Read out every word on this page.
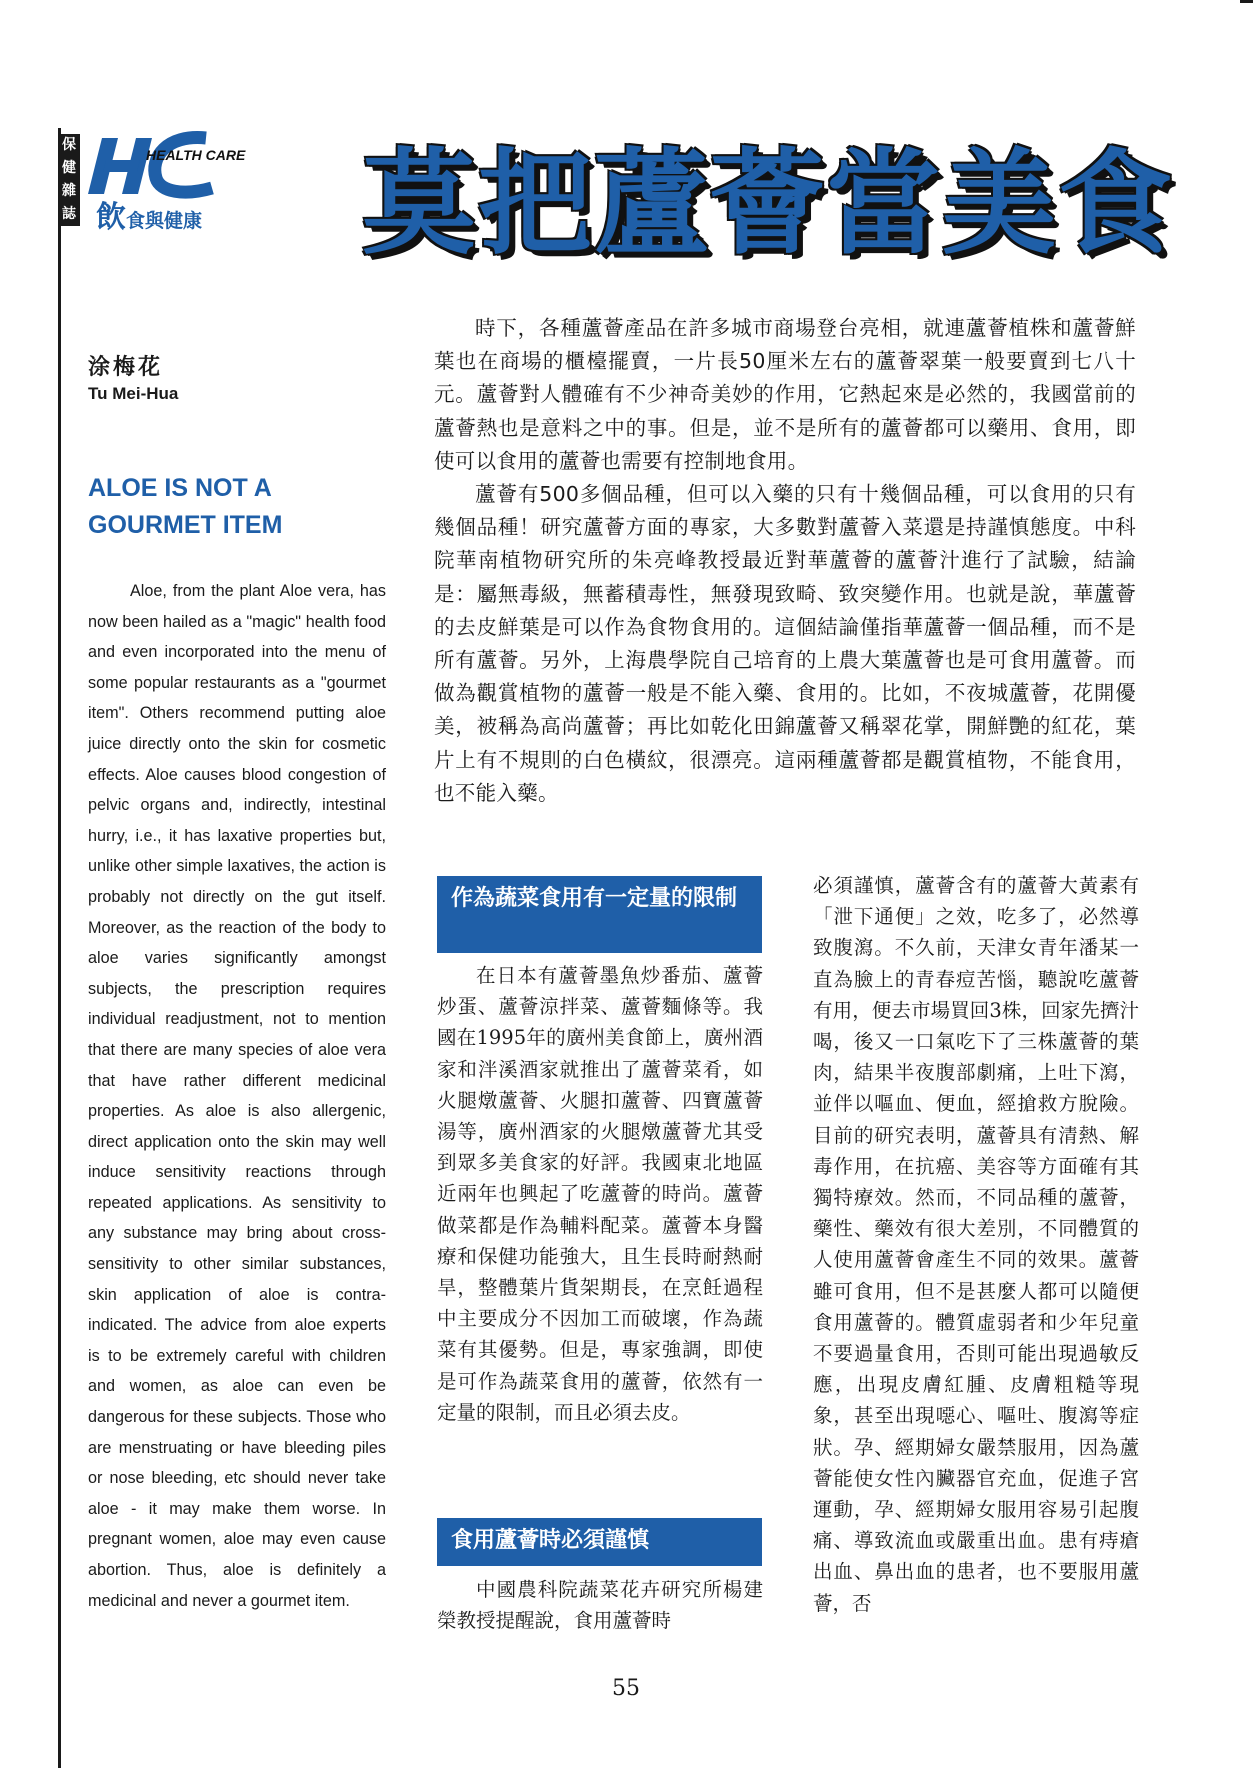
保
健
雜
誌
HEALTH CARE
飲食與健康 莫把蘆薈當美食
涂梅花
Tu Mei-Hua
ALOE IS NOT A GOURMET ITEM

Aloe, from the plant Aloe vera, has now been hailed as a "magic" health food and even incorporated into the menu of some popular restaurants as a "gourmet item". Others recommend putting aloe juice directly onto the skin for cosmetic effects. Aloe causes blood congestion of pelvic organs and, indirectly, intestinal hurry, i.e., it has laxative properties but, unlike other simple laxatives, the action is probably not directly on the gut itself. Moreover, as the reaction of the body to aloe varies significantly amongst subjects, the prescription requires individual readjustment, not to mention that there are many species of aloe vera that have rather different medicinal properties. As aloe is also allergenic, direct application onto the skin may well induce sensitivity reactions through repeated applications. As sensitivity to any substance may bring about cross-sensitivity to other similar substances, skin application of aloe is contra-indicated. The advice from aloe experts is to be extremely careful with children and women, as aloe can even be dangerous for these subjects. Those who are menstruating or have bleeding piles or nose bleeding, etc should never take aloe - it may make them worse. In pregnant women, aloe may even cause abortion. Thus, aloe is definitely a medicinal and never a gourmet item.

時下，各種蘆薈產品在許多城市商場登台亮相，就連蘆薈植株和蘆薈鮮葉也在商場的櫃檯擺賣，一片長50厘米左右的蘆薈翠葉一般要賣到七八十元。蘆薈對人體確有不少神奇美妙的作用，它熱起來是必然的，我國當前的蘆薈熱也是意料之中的事。但是，並不是所有的蘆薈都可以藥用、食用，即使可以食用的蘆薈也需要有控制地食用。

蘆薈有500多個品種，但可以入藥的只有十幾個品種，可以食用的只有幾個品種！研究蘆薈方面的專家，大多數對蘆薈入菜還是持謹慎態度。中科院華南植物研究所的朱亮峰教授最近對華蘆薈的蘆薈汁進行了試驗，結論是：屬無毒級，無蓄積毒性，無發現致畸、致突變作用。也就是說，華蘆薈的去皮鮮葉是可以作為食物食用的。這個結論僅指華蘆薈一個品種，而不是所有蘆薈。另外，上海農學院自己培育的上農大葉蘆薈也是可食用蘆薈。而做為觀賞植物的蘆薈一般是不能入藥、食用的。比如，不夜城蘆薈，花開優美，被稱為高尚蘆薈；再比如乾化田錦蘆薈又稱翠花掌，開鮮艷的紅花，葉片上有不規則的白色橫紋，很漂亮。這兩種蘆薈都是觀賞植物，不能食用，也不能入藥。

作為蔬菜食用有一定量的限制

在日本有蘆薈墨魚炒番茄、蘆薈炒蛋、蘆薈涼拌菜、蘆薈麵條等。我國在1995年的廣州美食節上，廣州酒家和泮溪酒家就推出了蘆薈菜肴，如火腿燉蘆薈、火腿扣蘆薈、四寶蘆薈湯等，廣州酒家的火腿燉蘆薈尤其受到眾多美食家的好評。我國東北地區近兩年也興起了吃蘆薈的時尚。蘆薈做菜都是作為輔料配菜。蘆薈本身醫療和保健功能強大，且生長時耐熱耐旱，整體葉片貨架期長，在烹飪過程中主要成分不因加工而破壞，作為蔬菜有其優勢。但是，專家強調，即使是可作為蔬菜食用的蘆薈，依然有一定量的限制，而且必須去皮。

食用蘆薈時必須謹慎

中國農科院蔬菜花卉研究所楊建榮教授提醒說，食用蘆薈時

必須謹慎，蘆薈含有的蘆薈大黃素有「泄下通便」之效，吃多了，必然導致腹瀉。不久前，天津女青年潘某一直為臉上的青春痘苦惱，聽說吃蘆薈有用，便去市場買回3株，回家先擠汁喝，後又一口氣吃下了三株蘆薈的葉肉，結果半夜腹部劇痛，上吐下瀉，並伴以嘔血、便血，經搶救方脫險。目前的研究表明，蘆薈具有清熱、解毒作用，在抗癌、美容等方面確有其獨特療效。然而，不同品種的蘆薈，藥性、藥效有很大差別，不同體質的人使用蘆薈會產生不同的效果。蘆薈雖可食用，但不是甚麼人都可以隨便食用蘆薈的。體質虛弱者和少年兒童不要過量食用，否則可能出現過敏反應，出現皮膚紅腫、皮膚粗糙等現象，甚至出現噁心、嘔吐、腹瀉等症狀。孕、經期婦女嚴禁服用，因為蘆薈能使女性內臟器官充血，促進子宮運動，孕、經期婦女服用容易引起腹痛、導致流血或嚴重出血。患有痔瘡出血、鼻出血的患者，也不要服用蘆薈，否

55
